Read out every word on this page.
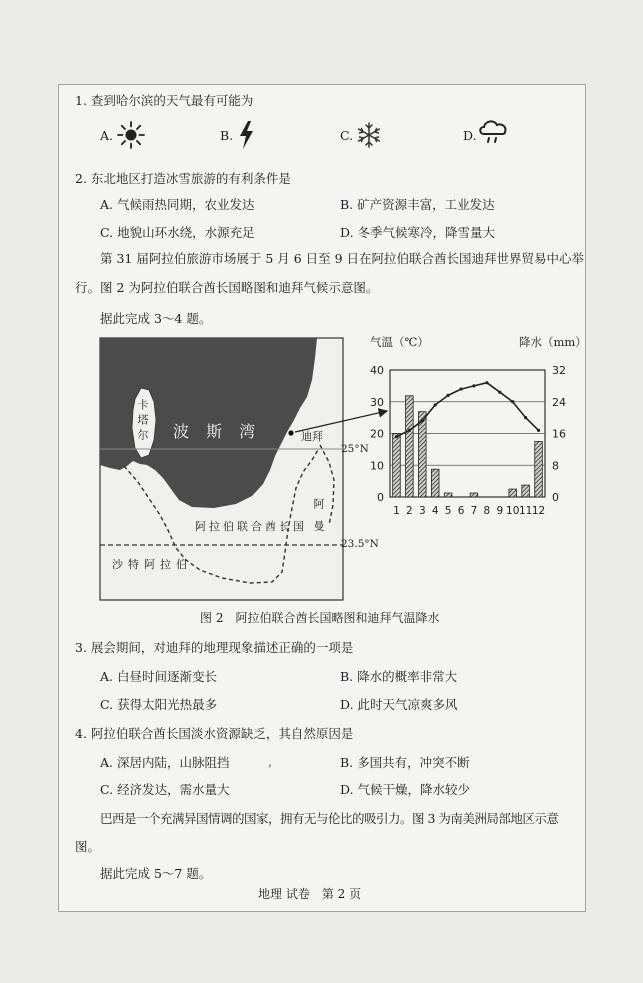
0
10
20
30
40
0
8
16
24
32
1 2 3 4 5 6 7 8 9 10 11 12
1. 查到哈尔滨的天气最有可能为
A.	B.	C.	D.
2. 东北地区打造冰雪旅游的有利条件是
A. 气候雨热同期，农业发达	B. 矿产资源丰富，工业发达
C. 地貌山环水绕，水源充足	D. 冬季气候寒冷，降雪量大
第 31 届阿拉伯旅游市场展于 5 月 6 日至 9 日在阿拉伯联合酋长国迪拜世界贸易中心举
行。图 2 为阿拉伯联合酋长国略图和迪拜气候示意图。
据此完成 3～4 题。
卡塔尔 波 斯 湾	迪拜
阿曼
阿拉伯联合酋长国
沙特阿拉伯
25°N
23.5°N
气温（℃）	降水（mm）
图 2　阿拉伯联合酋长国略图和迪拜气温降水
3. 展会期间，对迪拜的地理现象描述正确的一项是
A. 白昼时间逐渐变长	B. 降水的概率非常大
C. 获得太阳光热最多	D. 此时天气凉爽多风
4. 阿拉伯联合酋长国淡水资源缺乏，其自然原因是
A. 深居内陆，山脉阻挡	,	B. 多国共有，冲突不断
C. 经济发达，需水量大	D. 气候干燥，降水较少
巴西是一个充满异国情调的国家，拥有无与伦比的吸引力。图 3 为南美洲局部地区示意
图。
据此完成 5～7 题。
地理 试卷　第 2 页
